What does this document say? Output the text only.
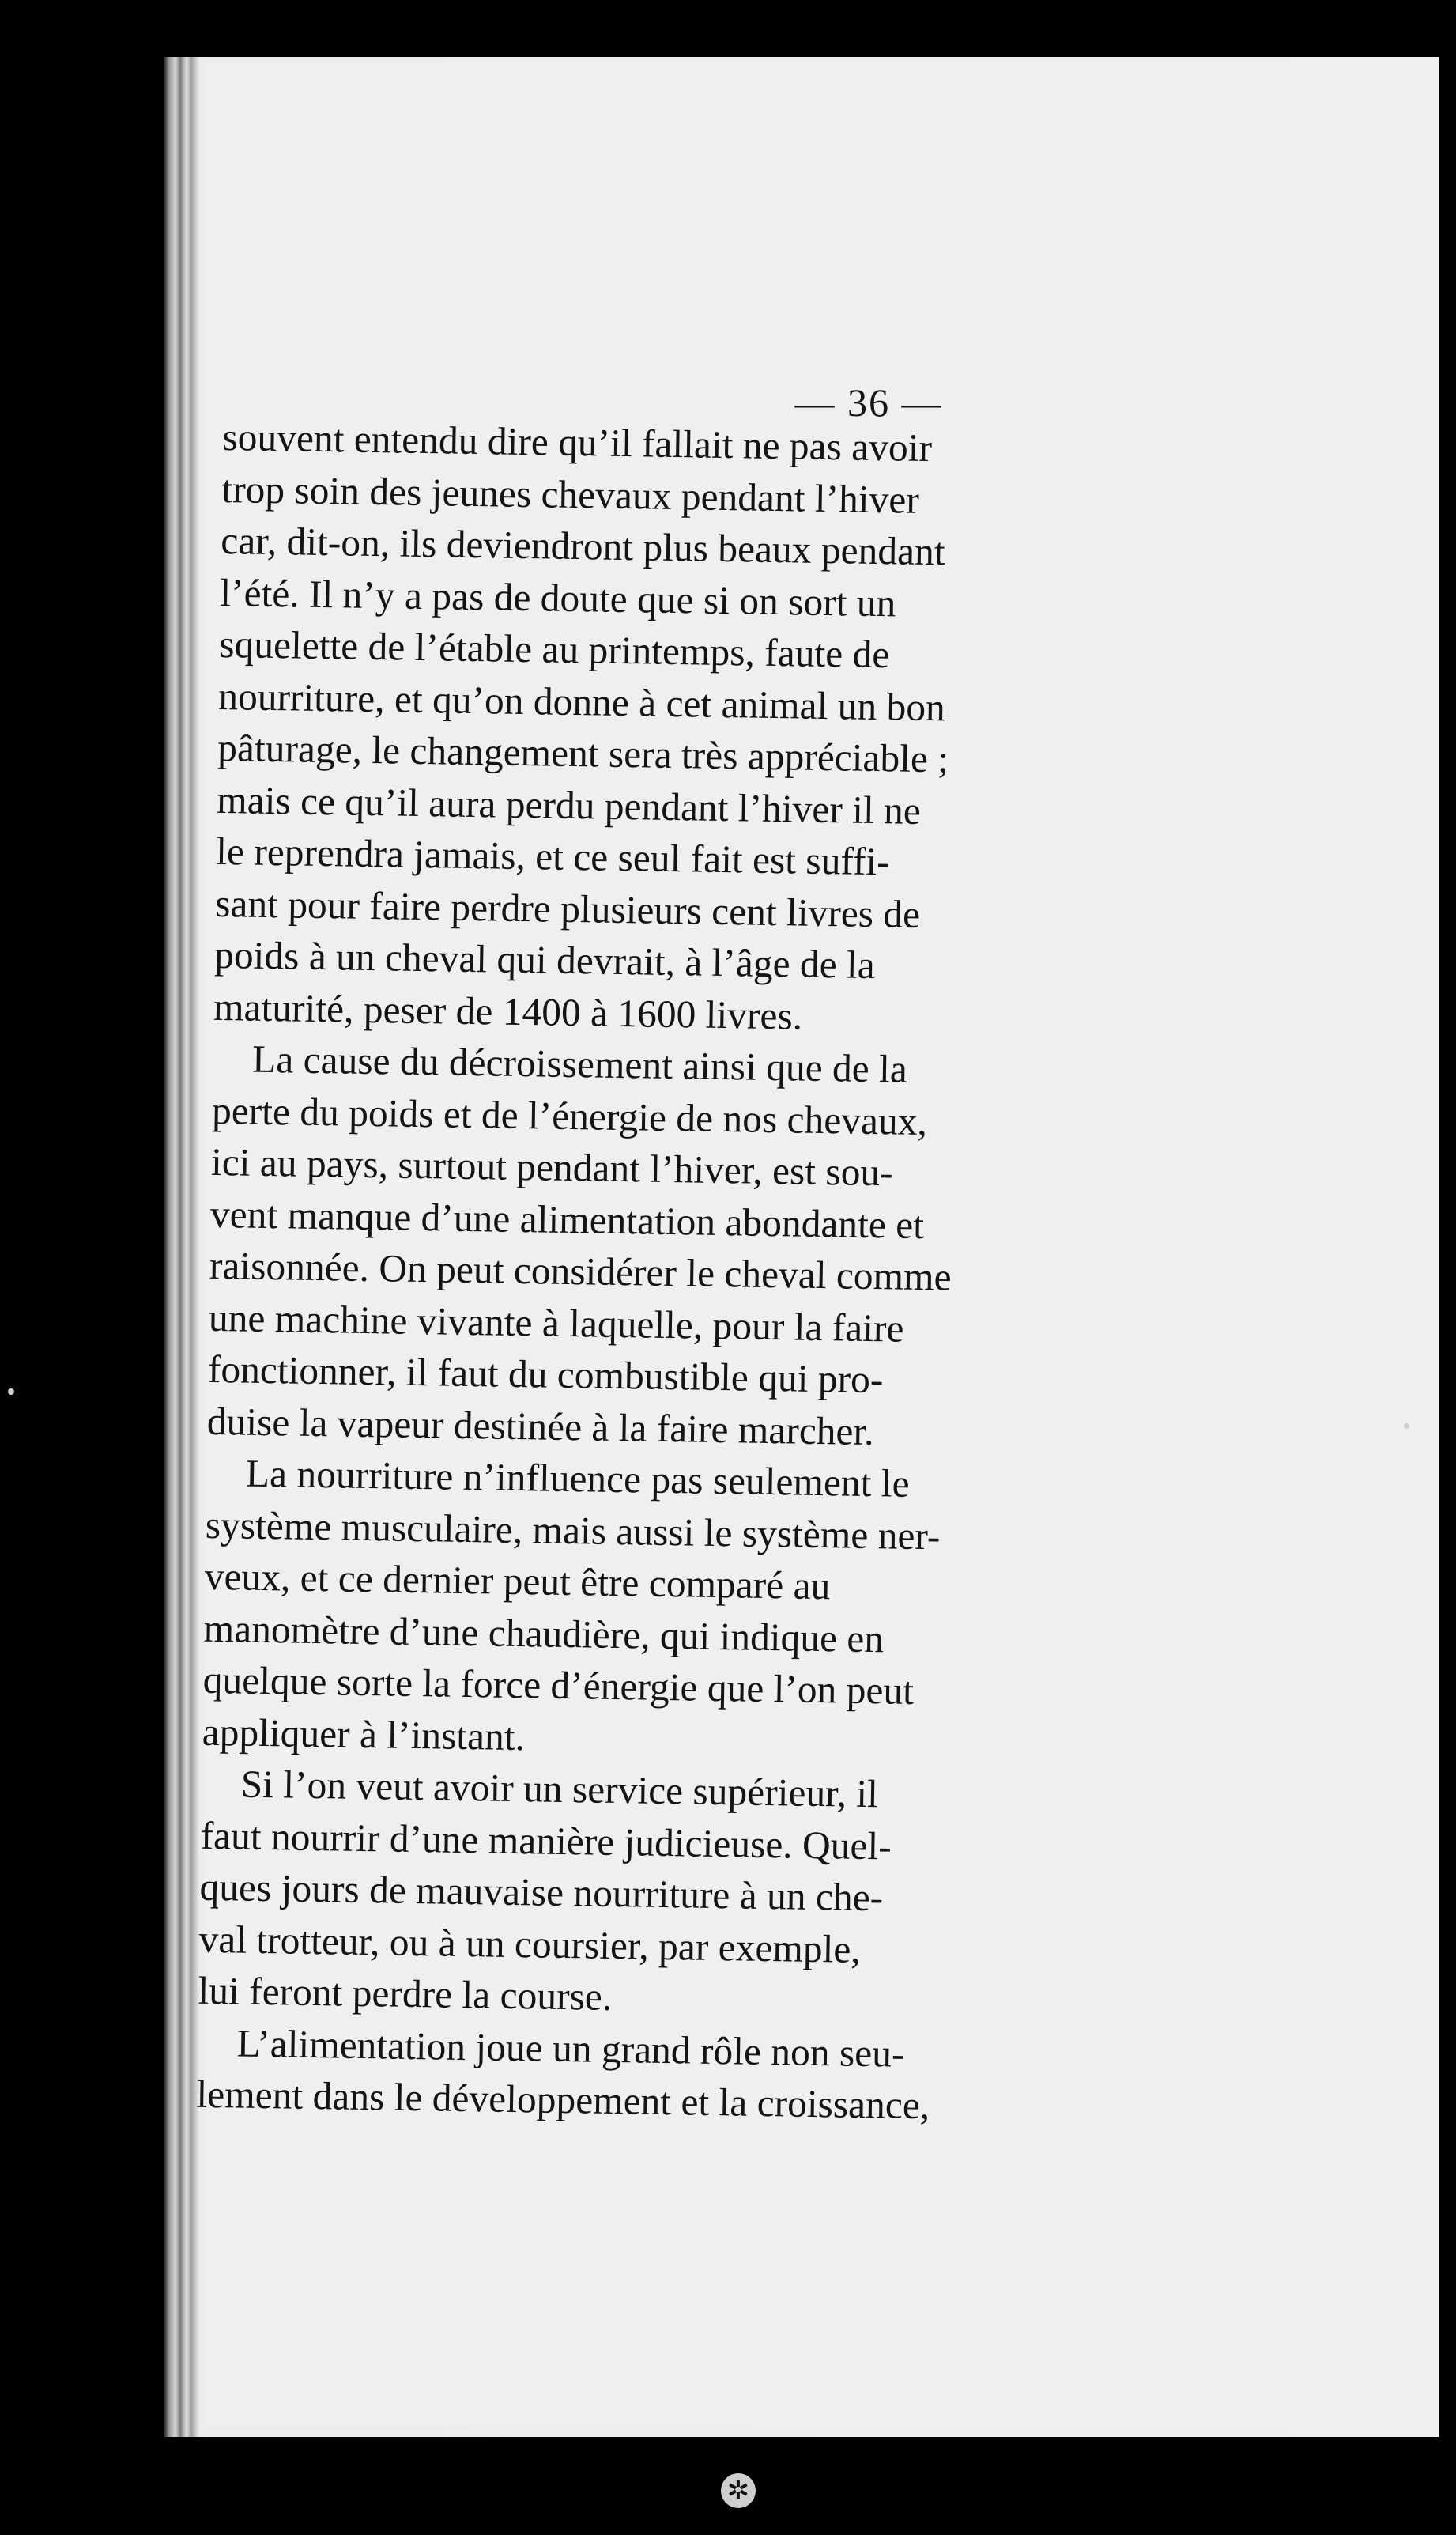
— 36 —
souvent entendu dire qu’il fallait ne pas avoir
trop soin des jeunes chevaux pendant l’hiver
car, dit-on, ils deviendront plus beaux pendant
l’été. Il n’y a pas de doute que si on sort un
squelette de l’étable au printemps, faute de
nourriture, et qu’on donne à cet animal un bon
pâturage, le changement sera très appréciable ;
mais ce qu’il aura perdu pendant l’hiver il ne
le reprendra jamais, et ce seul fait est suffi-
sant pour faire perdre plusieurs cent livres de
poids à un cheval qui devrait, à l’âge de la
maturité, peser de 1400 à 1600 livres.
La cause du décroissement ainsi que de la
perte du poids et de l’énergie de nos chevaux,
ici au pays, surtout pendant l’hiver, est sou-
vent manque d’une alimentation abondante et
raisonnée. On peut considérer le cheval comme
une machine vivante à laquelle, pour la faire
fonctionner, il faut du combustible qui pro-
duise la vapeur destinée à la faire marcher.
La nourriture n’influence pas seulement le
système musculaire, mais aussi le système ner-
veux, et ce dernier peut être comparé au
manomètre d’une chaudière, qui indique en
quelque sorte la force d’énergie que l’on peut
appliquer à l’instant.
Si l’on veut avoir un service supérieur, il
faut nourrir d’une manière judicieuse. Quel-
ques jours de mauvaise nourriture à un che-
val trotteur, ou à un coursier, par exemple,
lui feront perdre la course.
L’alimentation joue un grand rôle non seu-
lement dans le développement et la croissance,
✲
